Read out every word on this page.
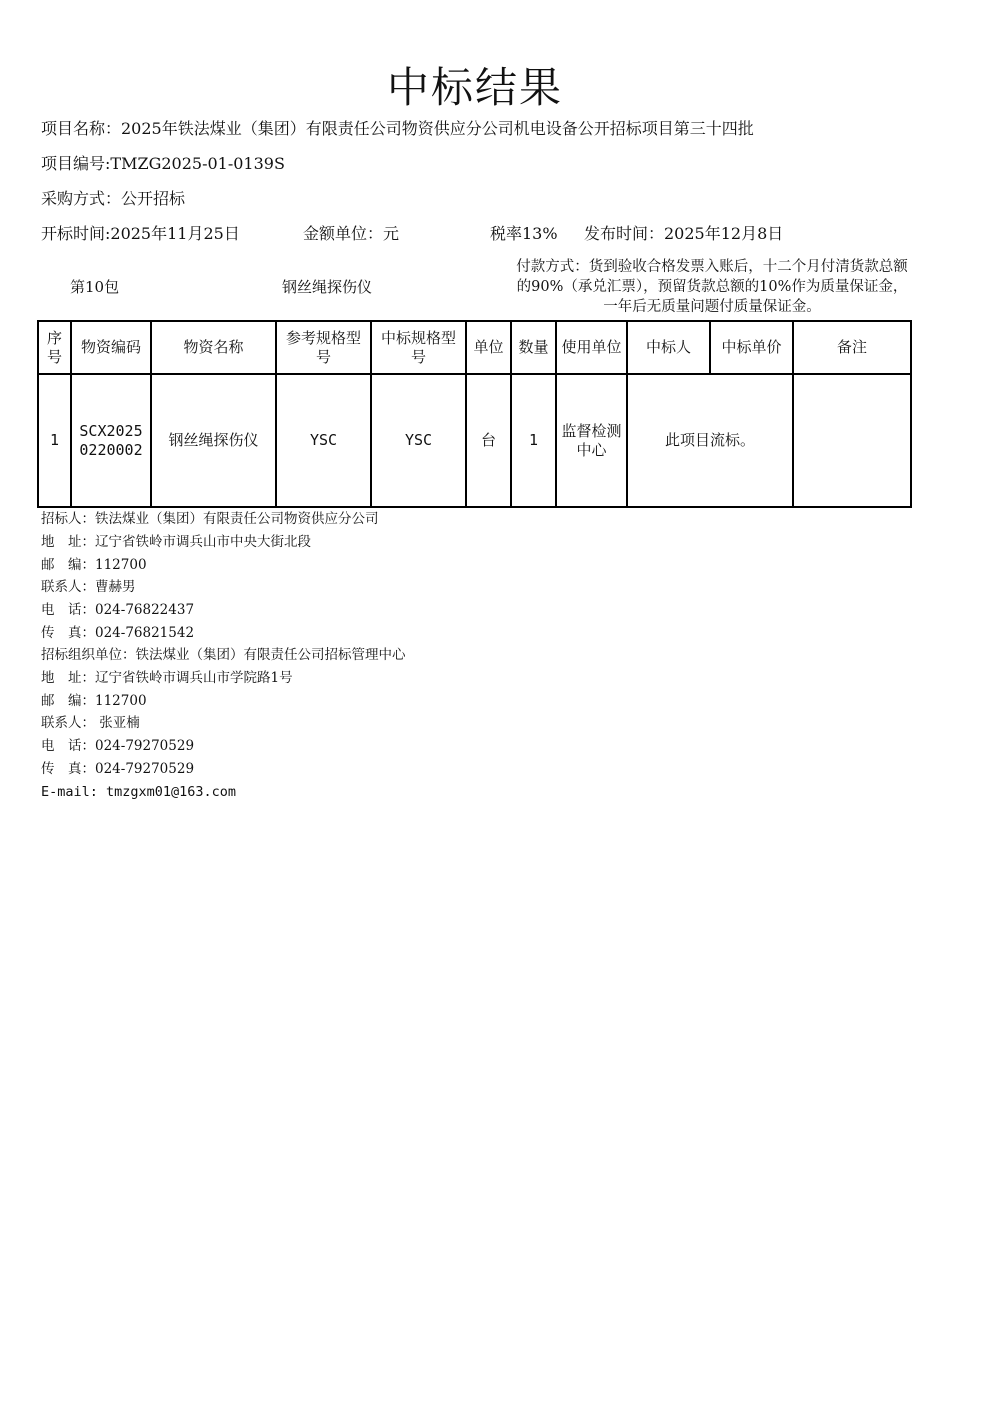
中标结果
项目名称：2025年铁法煤业（集团）有限责任公司物资供应分公司机电设备公开招标项目第三十四批
项目编号:TMZG2025-01-0139S
采购方式：公开招标
开标时间:2025年11月25日	金额单位：元	税率13% 发布时间：2025年12月8日
第10包	钢丝绳探伤仪
付款方式：货到验收合格发票入账后，十二个月付清货款总额的90%（承兑汇票），预留货款总额的10%作为质量保证金，一年后无质量问题付质量保证金。
序号	物资编码	物资名称	参考规格型号	中标规格型号	单位	数量	使用单位	中标人	中标单价	备注
1	SCX20250220002	钢丝绳探伤仪	YSC	YSC	台	1	监督检测中心	此项目流标。		
招标人：铁法煤业（集团）有限责任公司物资供应分公司
地　址：辽宁省铁岭市调兵山市中央大街北段
邮　编：112700
联系人：曹赫男
电　话：024-76822437
传　真：024-76821542
招标组织单位：铁法煤业（集团）有限责任公司招标管理中心
地　址：辽宁省铁岭市调兵山市学院路1号
邮　编：112700
联系人： 张亚楠
电　话：024-79270529
传　真：024-79270529
E-mail: tmzgxm01@163.com
